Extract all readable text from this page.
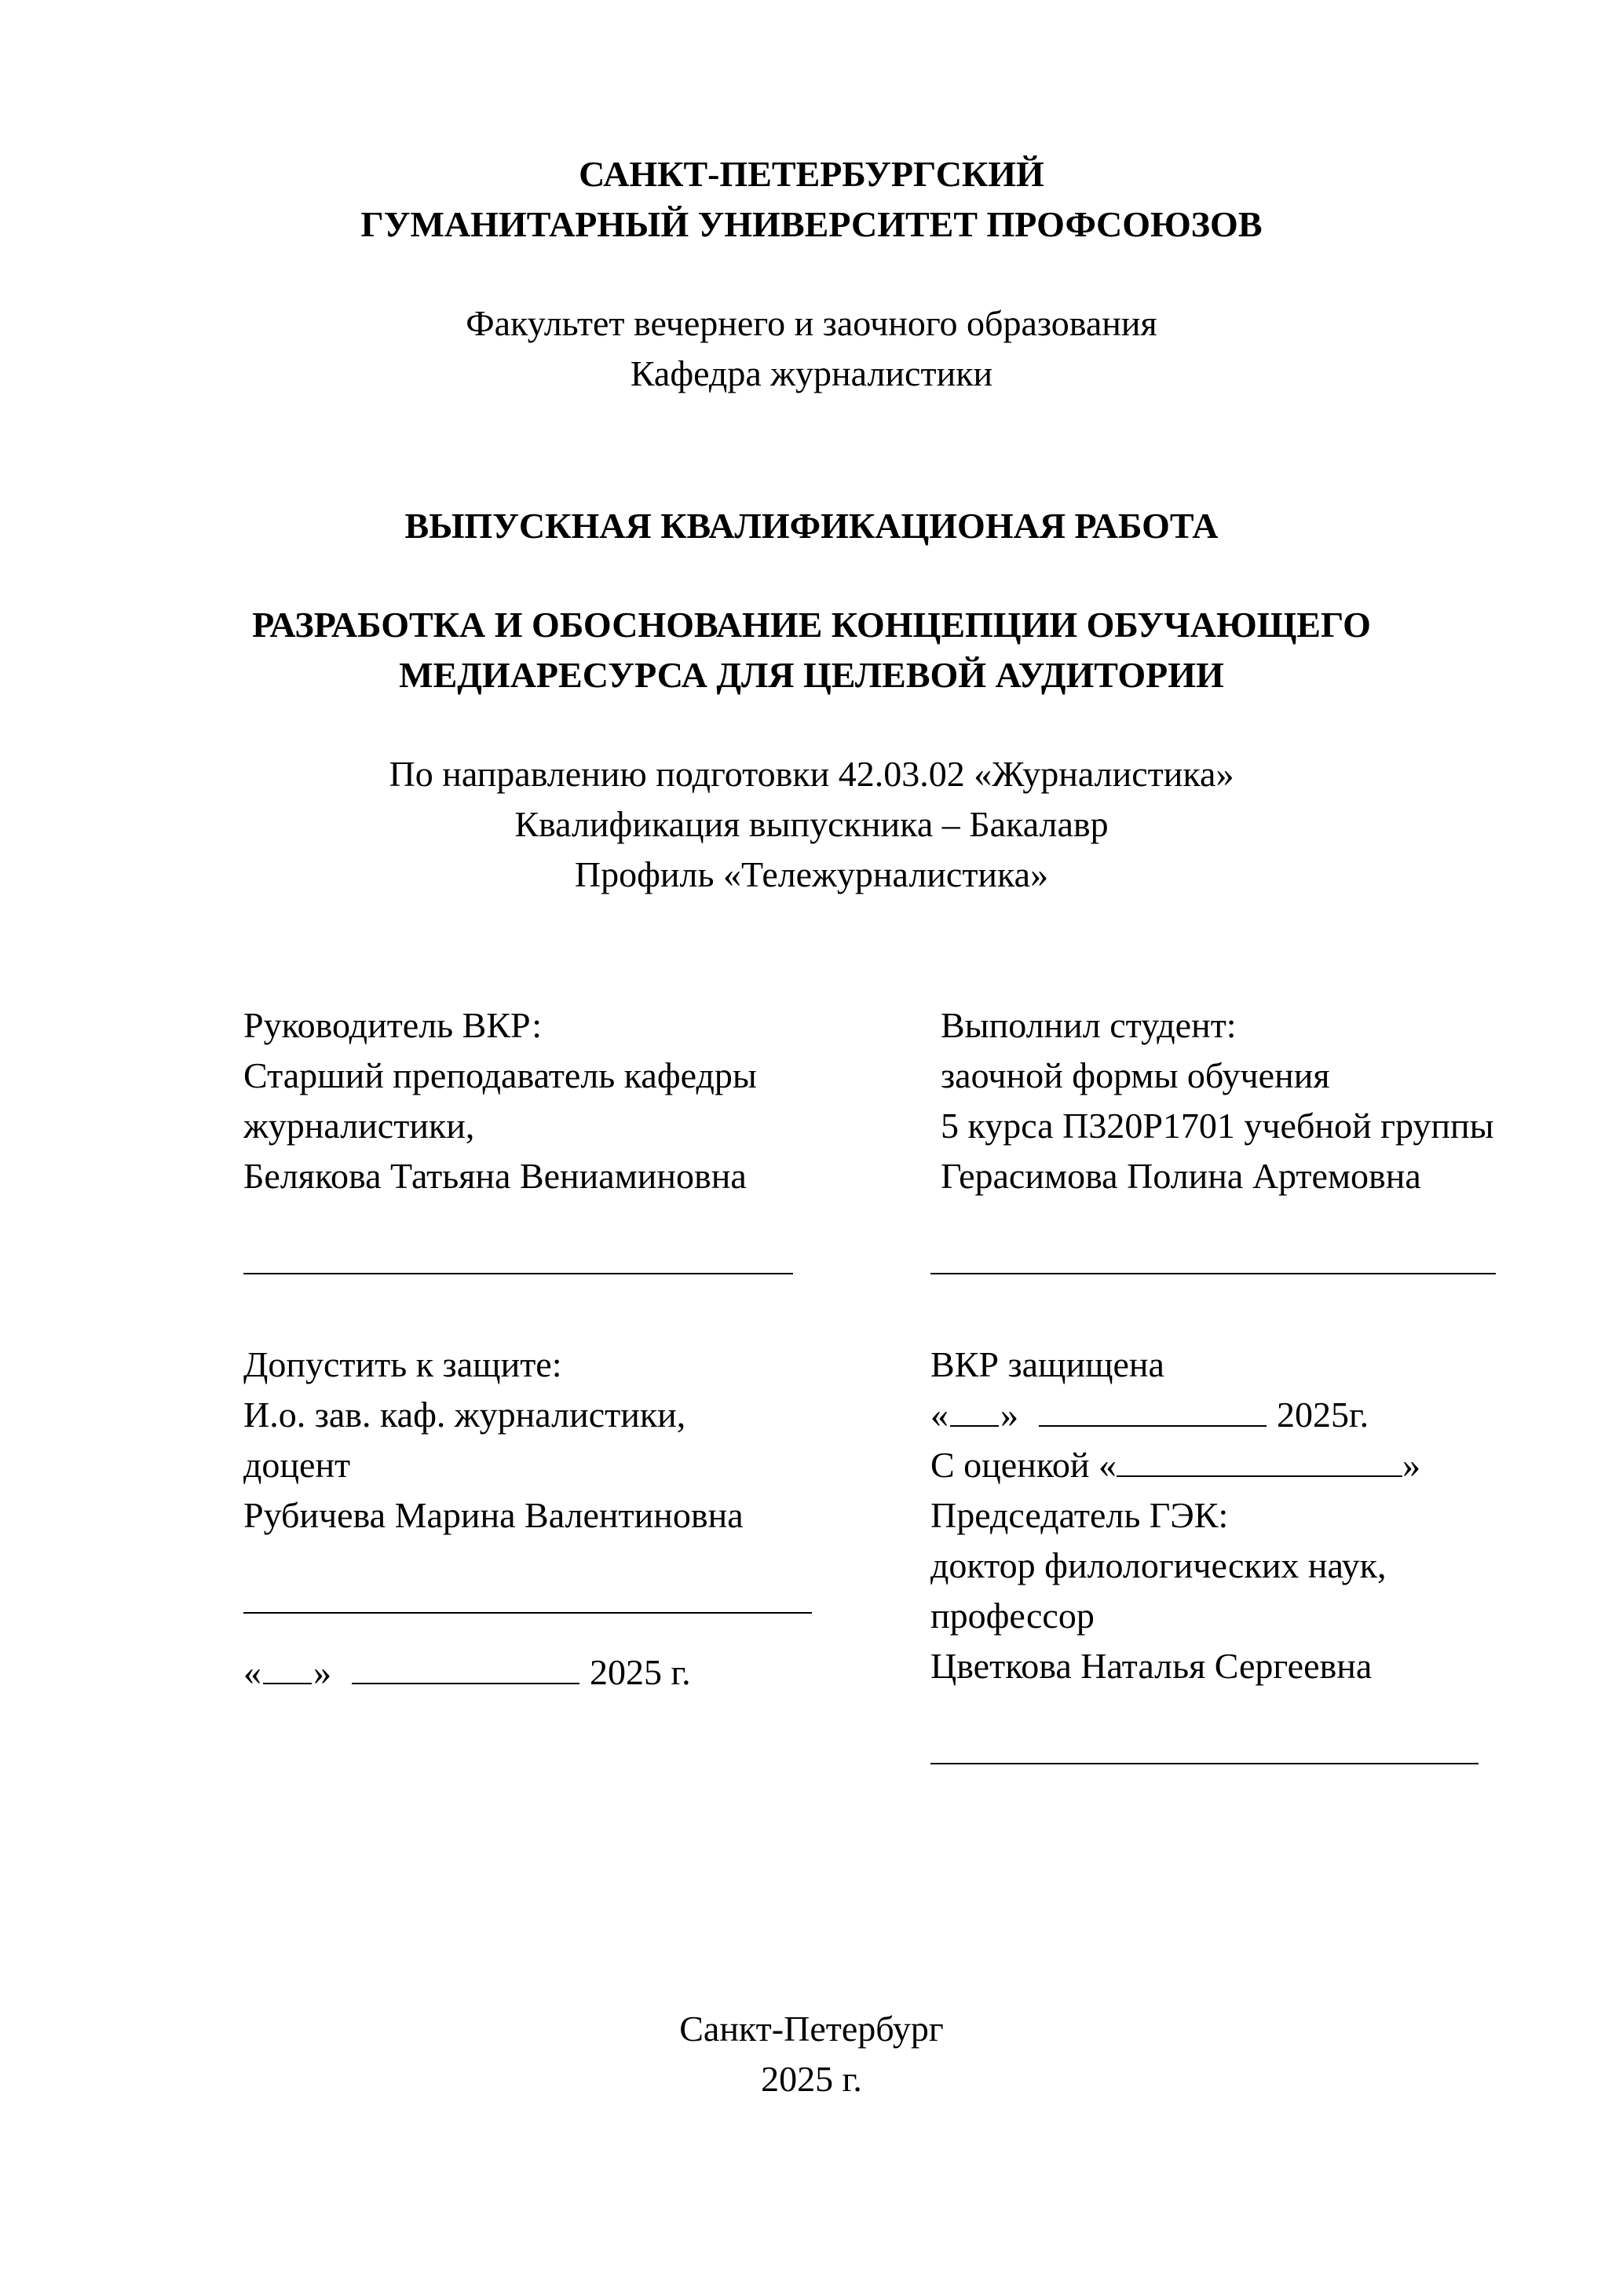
САНКТ-ПЕТЕРБУРГСКИЙ
ГУМАНИТАРНЫЙ УНИВЕРСИТЕТ ПРОФСОЮЗОВ
Факультет вечернего и заочного образования
Кафедра журналистики
ВЫПУСКНАЯ КВАЛИФИКАЦИОНАЯ РАБОТА
РАЗРАБОТКА И ОБОСНОВАНИЕ КОНЦЕПЦИИ ОБУЧАЮЩЕГО
МЕДИАРЕСУРСА ДЛЯ ЦЕЛЕВОЙ АУДИТОРИИ
По направлению подготовки 42.03.02 «Журналистика»
Квалификация выпускника – Бакалавр
Профиль «Тележурналистика»
Руководитель ВКР:
Старший преподаватель кафедры
журналистики,
Белякова Татьяна Вениаминовна
Выполнил студент:
заочной формы обучения
5 курса П320Р1701 учебной группы
Герасимова Полина Артемовна
Допустить к защите:
И.о. зав. каф. журналистики,
доцент
Рубичева Марина Валентиновна
« »	2025 г.
ВКР защищена
« »	2025г.
С оценкой «	»
Председатель ГЭК:
доктор филологических наук,
профессор
Цветкова Наталья Сергеевна
Санкт-Петербург
2025 г.
